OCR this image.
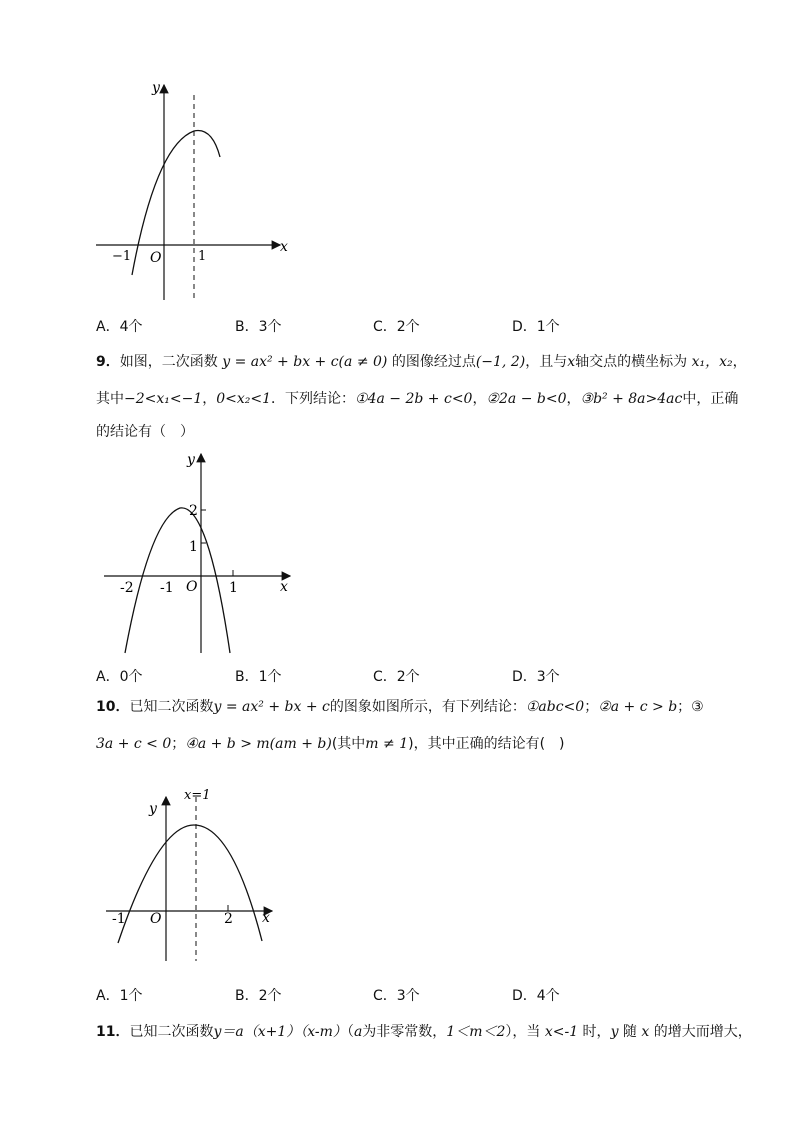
y
x
O
−1	1
A．4个	B．3个	C．2个	D．1个
9．如图，二次函数 y = ax² + bx + c(a ≠ 0) 的图像经过点(−1, 2)，且与x轴交点的横坐标为 x₁，x₂，
其中−2<x₁<−1，0<x₂<1．下列结论：①4a − 2b + c<0，②2a − b<0，③b² + 8a>4ac中，正确
的结论有（　）
y
x
O
2
1
-2 -1	1
A．0个	B．1个	C．2个	D．3个
10．已知二次函数y = ax² + bx + c的图象如图所示，有下列结论：①abc<0；②a + c > b；③
3a + c < 0；④a + b > m(am + b)(其中m ≠ 1)，其中正确的结论有(　)
x=1
y
x
O
-1	2
A．1个	B．2个	C．3个	D．4个
11．已知二次函数y＝a（x+1）（x-m）（a为非零常数，1＜m＜2），当 x<-1 时，y 随 x 的增大而增大，
